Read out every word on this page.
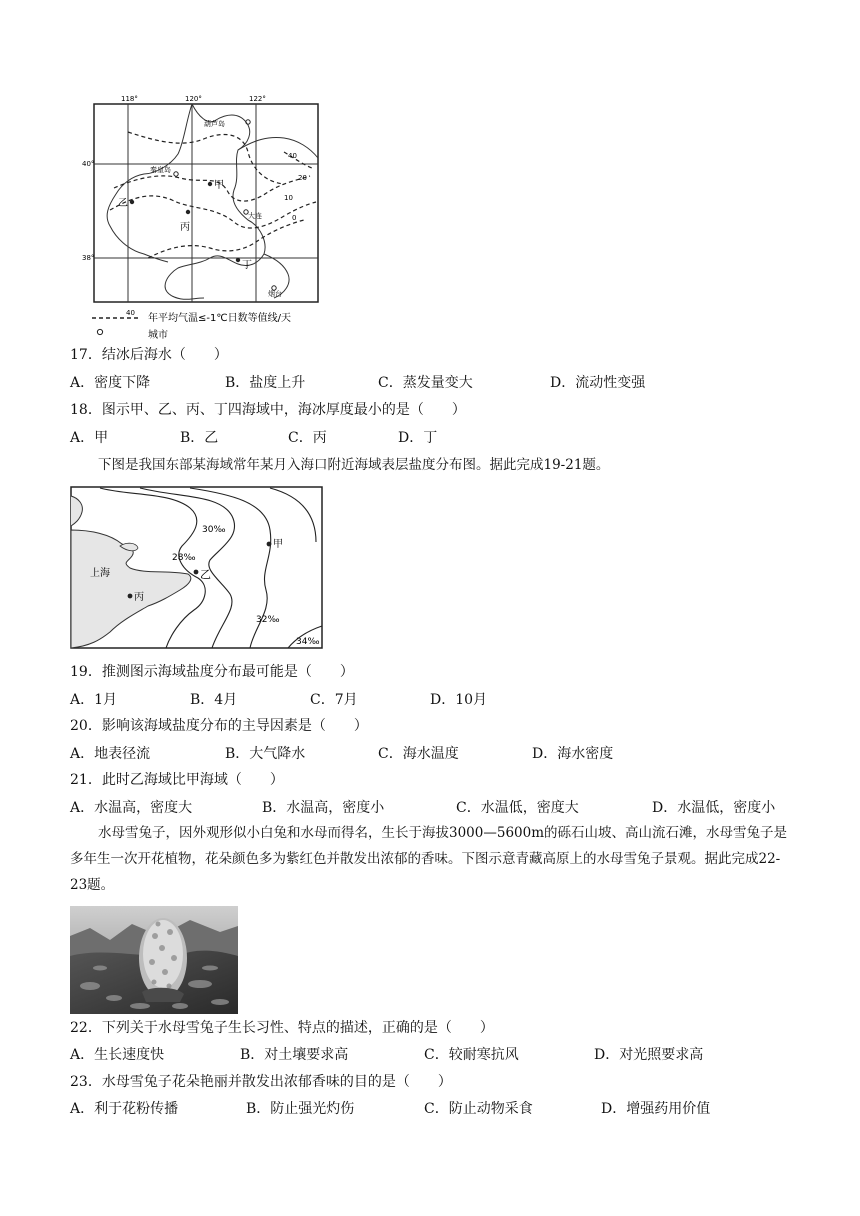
118°	120°	122°
40°
38°
40
20
10
0
葫芦岛
秦皇岛
甲
乙
丙
丁
大连
烟台
40 年平均气温≤-1℃日数等值线/天
城市
17．结冰后海水（　　）
A．密度下降	B．盐度上升	C．蒸发量变大	D．流动性变强
18．图示甲、乙、丙、丁四海域中，海冰厚度最小的是（　　）
A．甲	B．乙	C．丙	D．丁
下图是我国东部某海域常年某月入海口附近海域表层盐度分布图。据此完成19-21题。
上海
丙
乙
甲
28‰
30‰
32‰
34‰
19．推测图示海域盐度分布最可能是（　　）
A．1月	B．4月	C．7月	D．10月
20．影响该海域盐度分布的主导因素是（　　）
A．地表径流	B．大气降水	C．海水温度	D．海水密度
21．此时乙海域比甲海域（　　）
A．水温高，密度大	B．水温高，密度小	C．水温低，密度大	D．水温低，密度小
水母雪兔子，因外观形似小白兔和水母而得名，生长于海拔3000—5600m的砾石山坡、高山流石滩，水母雪兔子是多年生一次开花植物，花朵颜色多为紫红色并散发出浓郁的香味。下图示意青藏高原上的水母雪兔子景观。据此完成22-23题。
22．下列关于水母雪兔子生长习性、特点的描述，正确的是（　　）
A．生长速度快	B．对土壤要求高	C．较耐寒抗风	D．对光照要求高
23．水母雪兔子花朵艳丽并散发出浓郁香味的目的是（　　）
A．利于花粉传播	B．防止强光灼伤	C．防止动物采食	D．增强药用价值
